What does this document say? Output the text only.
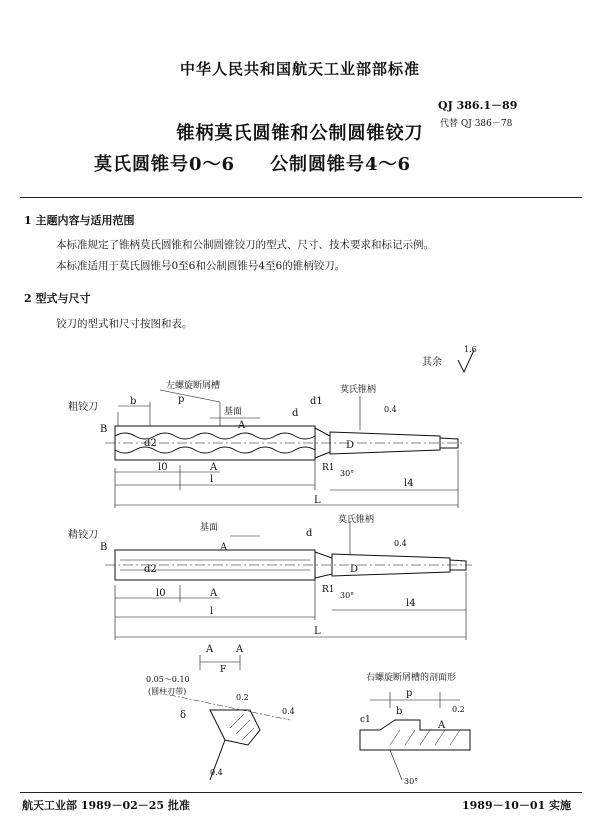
中华人民共和国航天工业部部标准
QJ 386.1－89
代替 QJ 386－78
锥柄莫氏圆锥和公制圆锥铰刀
莫氏圆锥号0～6 公制圆锥号4～6
1 主题内容与适用范围
本标准规定了锥柄莫氏圆锥和公制圆锥铰刀的型式、尺寸、技术要求和标记示例。
本标准适用于莫氏圆锥号0至6和公制圆锥号4至6的锥柄铰刀。
2 型式与尺寸
铰刀的型式和尺寸按图和表。
其余
1.6
粗铰刀
左螺旋断屑槽	莫氏锥柄
基面
p
b
A
d
d1
d2	D
0.4
l0	A
l	l4
L
R1
30°
B
精铰刀
基面
莫氏锥柄
A
d
d2	D
0.4
l0	A
l
l4
L
R1
30°
B
A A
F
0.05～0.10
(圆柱刃带)
δ
0.2
0.4
0.4
右螺旋断屑槽的剖面形
p
b
c1
0.2
A
30°
航天工业部 1989－02－25 批准	1989－10－01 实施
